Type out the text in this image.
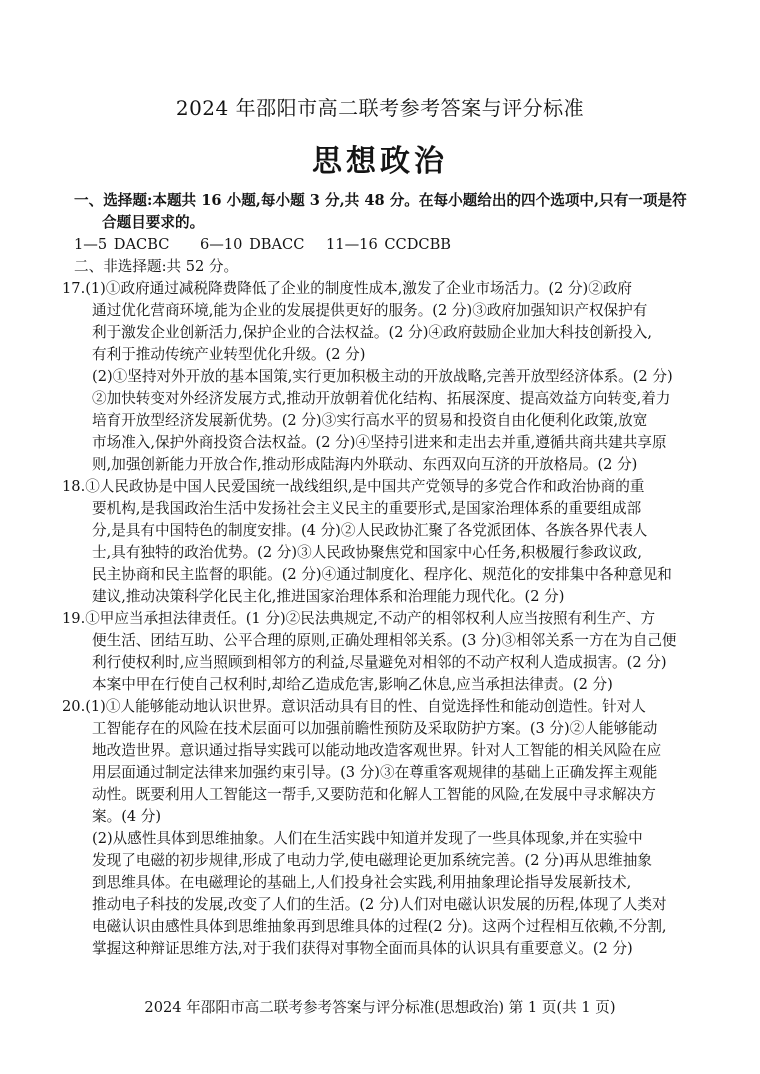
2024 年邵阳市高二联考参考答案与评分标准
思想政治
一、选择题:本题共 16 小题,每小题 3 分,共 48 分。在每小题给出的四个选项中,只有一项是符
合题目要求的。
1—5 DACBC 6—10 DBACC 11—16 CCDCBB
二、非选择题:共 52 分。
17.(1)①政府通过减税降费降低了企业的制度性成本,激发了企业市场活力。(2 分)②政府
通过优化营商环境,能为企业的发展提供更好的服务。(2 分)③政府加强知识产权保护有
利于激发企业创新活力,保护企业的合法权益。(2 分)④政府鼓励企业加大科技创新投入,
有利于推动传统产业转型优化升级。(2 分)
(2)①坚持对外开放的基本国策,实行更加积极主动的开放战略,完善开放型经济体系。(2 分)
②加快转变对外经济发展方式,推动开放朝着优化结构、拓展深度、提高效益方向转变,着力
培育开放型经济发展新优势。(2 分)③实行高水平的贸易和投资自由化便利化政策,放宽
市场准入,保护外商投资合法权益。(2 分)④坚持引进来和走出去并重,遵循共商共建共享原
则,加强创新能力开放合作,推动形成陆海内外联动、东西双向互济的开放格局。(2 分)
18.①人民政协是中国人民爱国统一战线组织,是中国共产党领导的多党合作和政治协商的重
要机构,是我国政治生活中发扬社会主义民主的重要形式,是国家治理体系的重要组成部
分,是具有中国特色的制度安排。(4 分)②人民政协汇聚了各党派团体、各族各界代表人
士,具有独特的政治优势。(2 分)③人民政协聚焦党和国家中心任务,积极履行参政议政,
民主协商和民主监督的职能。(2 分)④通过制度化、程序化、规范化的安排集中各种意见和
建议,推动决策科学化民主化,推进国家治理体系和治理能力现代化。(2 分)
19.①甲应当承担法律责任。(1 分)②民法典规定,不动产的相邻权利人应当按照有利生产、方
便生活、团结互助、公平合理的原则,正确处理相邻关系。(3 分)③相邻关系一方在为自己便
利行使权利时,应当照顾到相邻方的利益,尽量避免对相邻的不动产权利人造成损害。(2 分)
本案中甲在行使自己权利时,却给乙造成危害,影响乙休息,应当承担法律责。(2 分)
20.(1)①人能够能动地认识世界。意识活动具有目的性、自觉选择性和能动创造性。针对人
工智能存在的风险在技术层面可以加强前瞻性预防及采取防护方案。(3 分)②人能够能动
地改造世界。意识通过指导实践可以能动地改造客观世界。针对人工智能的相关风险在应
用层面通过制定法律来加强约束引导。(3 分)③在尊重客观规律的基础上正确发挥主观能
动性。既要利用人工智能这一帮手,又要防范和化解人工智能的风险,在发展中寻求解决方
案。(4 分)
(2)从感性具体到思维抽象。人们在生活实践中知道并发现了一些具体现象,并在实验中
发现了电磁的初步规律,形成了电动力学,使电磁理论更加系统完善。(2 分)再从思维抽象
到思维具体。在电磁理论的基础上,人们投身社会实践,利用抽象理论指导发展新技术,
推动电子科技的发展,改变了人们的生活。(2 分)人们对电磁认识发展的历程,体现了人类对
电磁认识由感性具体到思维抽象再到思维具体的过程(2 分)。这两个过程相互依赖,不分割,
掌握这种辩证思维方法,对于我们获得对事物全面而具体的认识具有重要意义。(2 分)
2024 年邵阳市高二联考参考答案与评分标准(思想政治) 第 1 页(共 1 页)
